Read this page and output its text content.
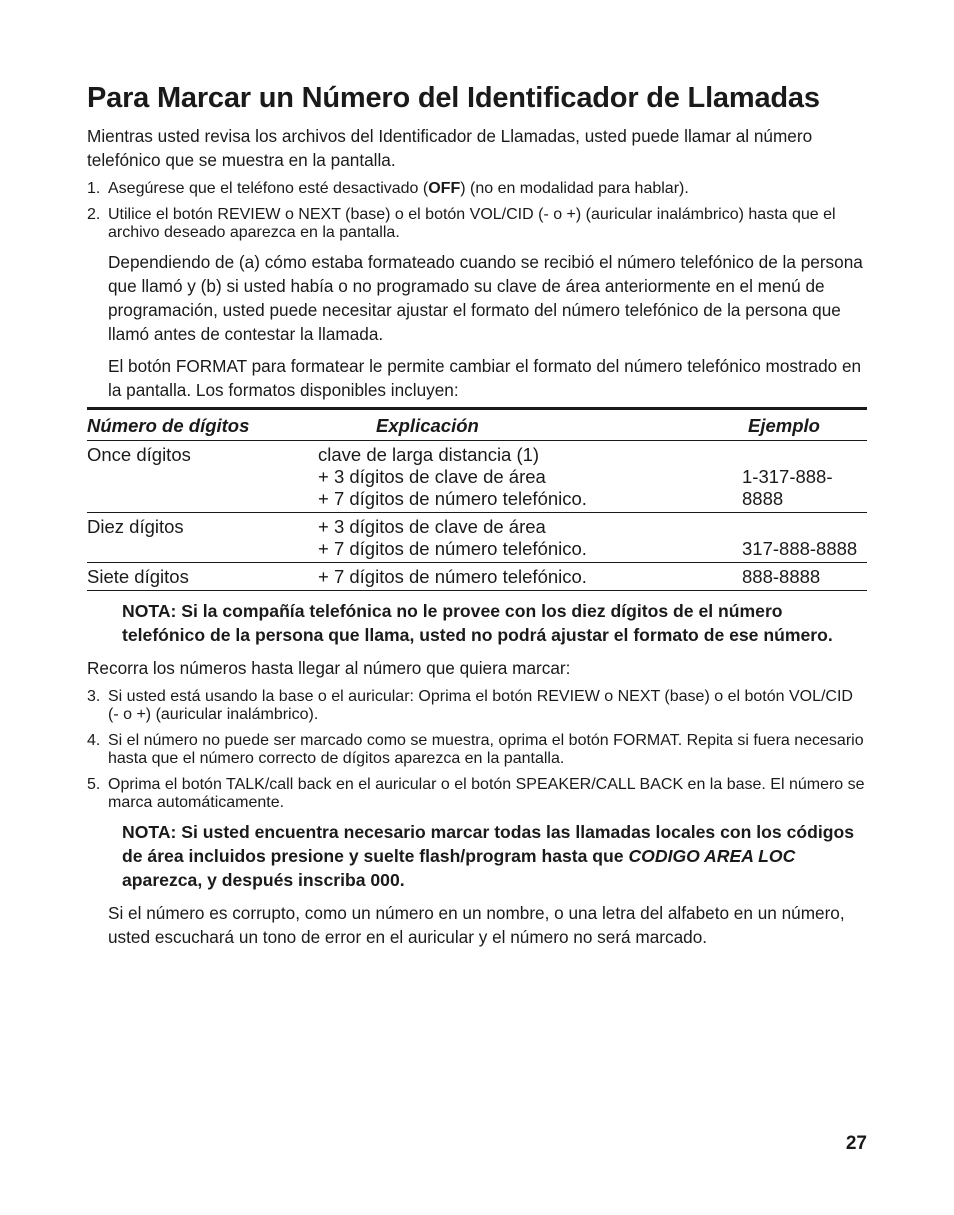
Para Marcar un Número del Identificador de Llamadas

Mientras usted revisa los archivos del Identificador de Llamadas, usted puede llamar al número telefónico que se muestra en la pantalla.

1. Asegúrese que el teléfono esté desactivado (OFF) (no en modalidad para hablar).
2. Utilice el botón REVIEW o NEXT (base) o el botón VOL/CID (- o +) (auricular inalámbrico) hasta que el archivo deseado aparezca en la pantalla.

Dependiendo de (a) cómo estaba formateado cuando se recibió el número telefónico de la persona que llamó y (b) si usted había o no programado su clave de área anteriormente en el menú de programación, usted puede necesitar ajustar el formato del número telefónico de la persona que llamó antes de contestar la llamada.

El botón FORMAT para formatear le permite cambiar el formato del número telefónico mostrado en la pantalla. Los formatos disponibles incluyen:

Número de dígitos	Explicación	Ejemplo
Once dígitos	clave de larga distancia (1)
+ 3 dígitos de clave de área
+ 7 dígitos de número telefónico.	1-317-888-8888
Diez dígitos	+ 3 dígitos de clave de área
+ 7 dígitos de número telefónico.	317-888-8888
Siete dígitos	+ 7 dígitos de número telefónico.	888-8888

NOTA: Si la compañía telefónica no le provee con los diez dígitos de el número telefónico de la persona que llama, usted no podrá ajustar el formato de ese número.

Recorra los números hasta llegar al número que quiera marcar:

3. Si usted está usando la base o el auricular: Oprima el botón REVIEW o NEXT (base) o el botón VOL/CID (- o +) (auricular inalámbrico).
4. Si el número no puede ser marcado como se muestra, oprima el botón FORMAT. Repita si fuera necesario hasta que el número correcto de dígitos aparezca en la pantalla.
5. Oprima el botón TALK/call back en el auricular o el botón SPEAKER/CALL BACK en la base. El número se marca automáticamente.

NOTA: Si usted encuentra necesario marcar todas las llamadas locales con los códigos de área incluidos presione y suelte flash/program hasta que CODIGO AREA LOC aparezca, y después inscriba 000.

Si el número es corrupto, como un número en un nombre, o una letra del alfabeto en un número, usted escuchará un tono de error en el auricular y el número no será marcado.

27
